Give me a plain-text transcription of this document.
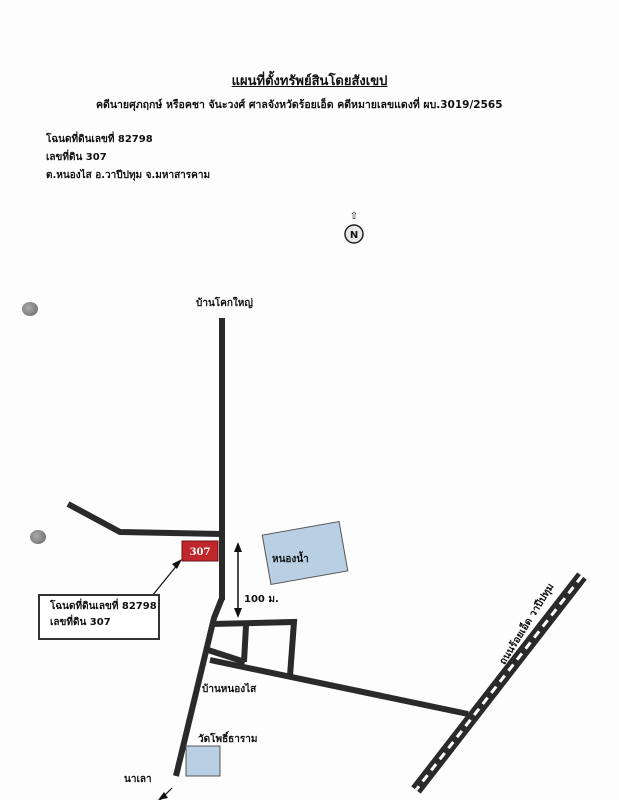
แผนที่ตั้งทรัพย์สินโดยสังเขป
คดีนายศุภฤกษ์ หรือคชา จันะวงศ์ ศาลจังหวัดร้อยเอ็ด คดีหมายเลขแดงที่ ผบ.3019/2565
โฉนดที่ดินเลขที่ 82798
เลขที่ดิน 307
ต.หนองไส อ.วาปีปทุม จ.มหาสารคาม
N
⇧
307
บ้านโคกใหญ่
หนองน้ำ
100 ม.
บ้านหนองไส
วัดโพธิ์ธาราม
นาเลา
ถนนร้อยเอ็ด วาปีปทุม
โฉนดที่ดินเลขที่ 82798
เลขที่ดิน 307
